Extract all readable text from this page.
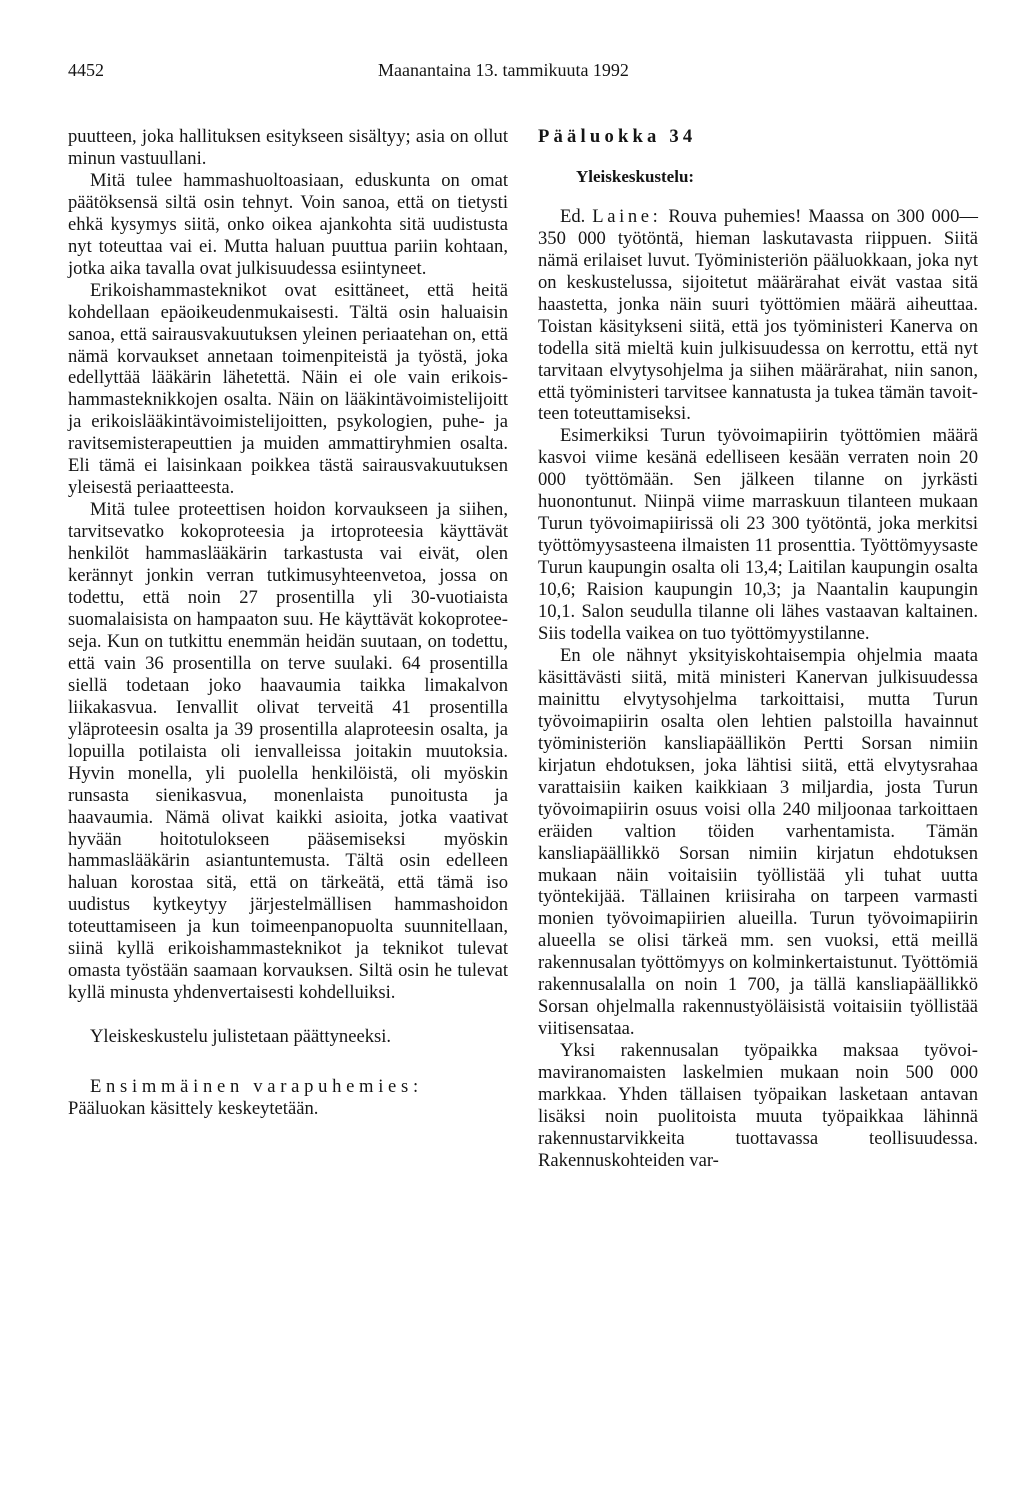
4452	Maanantaina 13. tammikuuta 1992

puutteen, joka hallituksen esitykseen sisältyy; asia on ollut minun vastuullani.

Mitä tulee hammashuoltoasiaan, eduskunta on omat päätöksensä siltä osin tehnyt. Voin sanoa, että on tietysti ehkä kysymys siitä, onko oikea ajankohta sitä uudistusta nyt toteuttaa vai ei. Mutta haluan puuttua pariin kohtaan, jotka aika tavalla ovat julkisuudessa esiintyneet.

Erikoishammasteknikot ovat esittäneet, että heitä kohdellaan epäoikeudenmukaisesti. Tältä osin haluaisin sanoa, että sairausvakuutuksen yleinen periaatehan on, että nämä korvaukset annetaan toimenpiteistä ja työstä, joka edellyttää lääkärin lähetettä. Näin ei ole vain erikoishammasteknikkojen osalta. Näin on lääkintävoimistelijoitt ja erikoislääkintävoimistelijoitten, psykologien, puhe- ja ravitsemisterapeuttien ja muiden ammattiryhmien osalta. Eli tämä ei laisinkaan poikkea tästä sairausvakuutuksen yleisestä periaatteesta.

Mitä tulee proteettisen hoidon korvaukseen ja siihen, tarvitsevatko kokoproteesia ja irtoproteesia käyttävät henkilöt hammaslääkärin tarkastusta vai eivät, olen kerännyt jonkin verran tutkimusyhteenvetoa, jossa on todettu, että noin 27 prosentilla yli 30-vuotiaista suomalaisista on hampaaton suu. He käyttävät kokoproteeseja. Kun on tutkittu enemmän heidän suutaan, on todettu, että vain 36 prosentilla on terve suulaki. 64 prosentilla siellä todetaan joko haavaumia taikka limakalvon liikakasvua. Ienvallit olivat terveitä 41 prosentilla yläproteesin osalta ja 39 prosentilla alaproteesin osalta, ja lopuilla potilaista oli ienvalleissa joitakin muutoksia. Hyvin monella, yli puolella henkilöistä, oli myöskin runsasta sienikasvua, monenlaista punoitusta ja haavaumia. Nämä olivat kaikki asioita, jotka vaativat hyvään hoitotulokseen pääsemiseksi myöskin hammaslääkärin asiantuntemusta. Tältä osin edelleen haluan korostaa sitä, että on tärkeätä, että tämä iso uudistus kytkeytyy järjestelmällisen hammashoidon toteuttamiseen ja kun toimeenpanopuolta suunnitellaan, siinä kyllä erikoishammasteknikot ja teknikot tulevat omasta työstään saamaan korvauksen. Siltä osin he tulevat kyllä minusta yhdenvertaisesti kohdelluiksi.

Yleiskeskustelu julistetaan päättyneeksi.

Ensimmäinen varapuhemies:

Pääluokan käsittely keskeytetään.

Pääluokka 34

Yleiskeskustelu:

Ed. Laine: Rouva puhemies! Maassa on 300 000—350 000 työtöntä, hieman laskutavasta riippuen. Siitä nämä erilaiset luvut. Työministeriön pääluokkaan, joka nyt on keskustelussa, sijoitetut määrärahat eivät vastaa sitä haastetta, jonka näin suuri työttömien määrä aiheuttaa. Toistan käsitykseni siitä, että jos työministeri Kanerva on todella sitä mieltä kuin julkisuudessa on kerrottu, että nyt tarvitaan elvytysohjelma ja siihen määrärahat, niin sanon, että työministeri tarvitsee kannatusta ja tukea tämän tavoitteen toteuttamiseksi.

Esimerkiksi Turun työvoimapiirin työttömien määrä kasvoi viime kesänä edelliseen kesään verraten noin 20 000 työttömään. Sen jälkeen tilanne on jyrkästi huonontunut. Niinpä viime marraskuun tilanteen mukaan Turun työvoimapiirissä oli 23 300 työtöntä, joka merkitsi työttömyysasteena ilmaisten 11 prosenttia. Työttömyysaste Turun kaupungin osalta oli 13,4; Laitilan kaupungin osalta 10,6; Raision kaupungin 10,3; ja Naantalin kaupungin 10,1. Salon seudulla tilanne oli lähes vastaavan kaltainen. Siis todella vaikea on tuo työttömyystilanne.

En ole nähnyt yksityiskohtaisempia ohjelmia maata käsittävästi siitä, mitä ministeri Kanervan julkisuudessa mainittu elvytysohjelma tarkoittaisi, mutta Turun työvoimapiirin osalta olen lehtien palstoilla havainnut työministeriön kansliapäällikön Pertti Sorsan nimiin kirjatun ehdotuksen, joka lähtisi siitä, että elvytysrahaa varattaisiin kaiken kaikkiaan 3 miljardia, josta Turun työvoimapiirin osuus voisi olla 240 miljoonaa tarkoittaen eräiden valtion töiden varhentamista. Tämän kansliapäällikkö Sorsan nimiin kirjatun ehdotuksen mukaan näin voitaisiin työllistää yli tuhat uutta työntekijää. Tällainen kriisiraha on tarpeen varmasti monien työvoimapiirien alueilla. Turun työvoimapiirin alueella se olisi tärkeä mm. sen vuoksi, että meillä rakennusalan työttömyys on kolminkertaistunut. Työttömiä rakennusalalla on noin 1 700, ja tällä kansliapäällikkö Sorsan ohjelmalla rakennustyöläisistä voitaisiin työllistää viitisensataa.

Yksi rakennusalan työpaikka maksaa työvoimaviranomaisten laskelmien mukaan noin 500 000 markkaa. Yhden tällaisen työpaikan lasketaan antavan lisäksi noin puolitoista muuta työpaikkaa lähinnä rakennustarvikkeita tuottavassa teollisuudessa. Rakennuskohteiden var-
